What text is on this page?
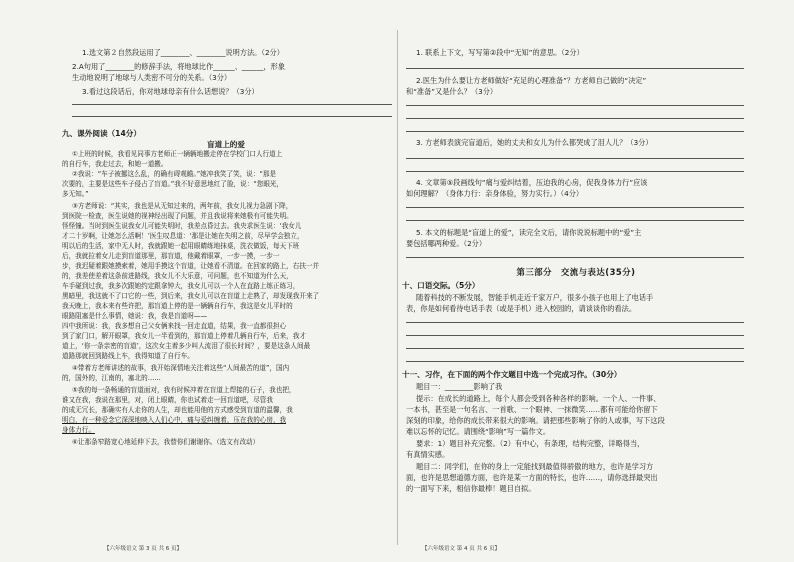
1.选文第２自然段运用了________、________说明方法。（2分）
2.A句用了________的修辞手法，将地球比作______、______，形象
生动地说明了地球与人类密不可分的关系。（3分）
3.看过这段话后，你对地球母亲有什么话想说？（3分）
九、课外阅读（14分）
盲道上的爱
①上班的时候，我看见同事方老师正一辆辆地搬走停在学校门口人行道上
的自行车，我走过去，和她一道搬。
②我说：“车子被挪这么乱，的确有碍观瞻。”她冲我笑了笑，说：“那是
次要的，主要是这些车子侵占了盲道。”我不好意思地红了脸，说：“您眼光，
多无知。”
③方老师说：“其实，我也是从无知过来的，两年前，我女儿视力急剧下降，
到医院一检查，医生说她的视神经出现了问题，并且我说将来她极有可能失明。
怪怪憧。当时到医生说我女儿可能失明时，我差点昏过去。我央求医生说：‘我女儿
才二十岁啊，让她怎么活啊！’医生叹息道：‘那是让她在失明之前，尽早学会独立，
明以后的生活，家中无人时，我就跟她一起用眼睛练地抹桌，洗衣做饭，每天下班
后，我就拉着女儿走到盲道那里，那盲道，他戴着眼罩，一步一摸，一步一
步，我迟疑着跟她摸索着，她用手摸这个盲道，让她看不清道。在回家的路上，右扶一并
的，我差使差着这条前进路线，我女儿不大乐意，可问题，也不知道为什么天，
车手碰到过我，我多次跟她约定跟拿钟大，我女儿可以一个人在直路上练正练习，
黑暗里，我这就不了口它的一些，到后来，我女儿可以在盲道上走熟了，却发现我开来了
我天晚上，我本来有些许把，那盲道上停的是一辆辆自行车，我这是女儿平时的
眼路阻塞是什么事情，她说：我，我是盲道呀——
四中我所说：我，我多想自己父女俩来找一回走直道，结果，我一直都很担心
到了家门口，解开眼罩，我女儿一半看到的，那盲道上停着几辆自行车，后来，我才
道上，‘你一条亲密的盲道’，这次女主着多少叫人流泪了很长时间？，要是这条人间最
道路那就回到路线上车，我得知道了自行车。
④带着方老师讲述的故事，我开始深情地关注着这些“人间最苦的道”，国内
的，国外的，江南的，塞北的……
⑤我的每一条畅通的盲道面对，我有时候冲着在盲道上焊接的石子，我也把，
谁又在我，我说在那里，对，闭上眼睛，你也试着走一回盲道吧，尽管我
的成无冗长，那确实有人走你的人生，却也能用他的方式感受到盲道的温馨，我
明白，有一种爱念它深深地映入人们心中，痛与爱纠缠着，压在我的心房，我
身体力行。
⑥让那条窄路宽心地延伸下去，我替你们谢谢你。（选文有改动）
【六年级语文 第 3 页 共 6 页】
1. 联系上下文，写写第②段中“无知”的意思。（2分）
2.医生为什么要让方老师做好“充足的心理准备”？方老师自己做的“决定”
和“准备”又是什么？（3分）
3. 方老师表演完盲道后，她的丈夫和女儿为什么都哭成了泪人儿？（3分）
4. 文章第⑤段画线句“痛与爱纠结着，压迫我的心房，促我身体力行”应该
如何理解？（身体力行：亲身体验，努力实行。）（4分）
5. 本文的标题是“盲道上的爱”，读完全文后，请你说说标题中的“爱”主
要包括哪两种爱。（2分）
第三部分　交流与表达(35分)
十、口语交际。（5分）
随着科技的不断发展，智能手机走近千家万户，很多小孩子也用上了电话手
表，你是如何看待电话手表（或是手机）进入校园的，请谈谈你的看法。
十一、习作，在下面的两个作文题目中选一个完成习作。（30分）
题目一：________影响了我
提示：在成长的道路上，每个人都会受到各种各样的影响。一个人、一件事、
一本书，甚至是一句名言、一首歌、一个眼神、一抹微笑……都有可能给你留下
深刻的印象，给你的成长带来很大的影响。请把那些影响了你的人或事，写下这段
难以忘怀的记忆。请围绕“影响”写一篇作文。
要求：1）题目补充完整。（2）有中心，有条理，结构完整，详略得当，
有真情实感。
题目二：同学们，在你的身上一定能找到最值得骄傲的地方，也许是学习方
面，也许是思想道德方面，也许是某一方面的特长，也许……，请你选择最突出
的一面写下来，相信你最棒！题目自拟。
【六年级语文 第 4 页 共 6 页】
